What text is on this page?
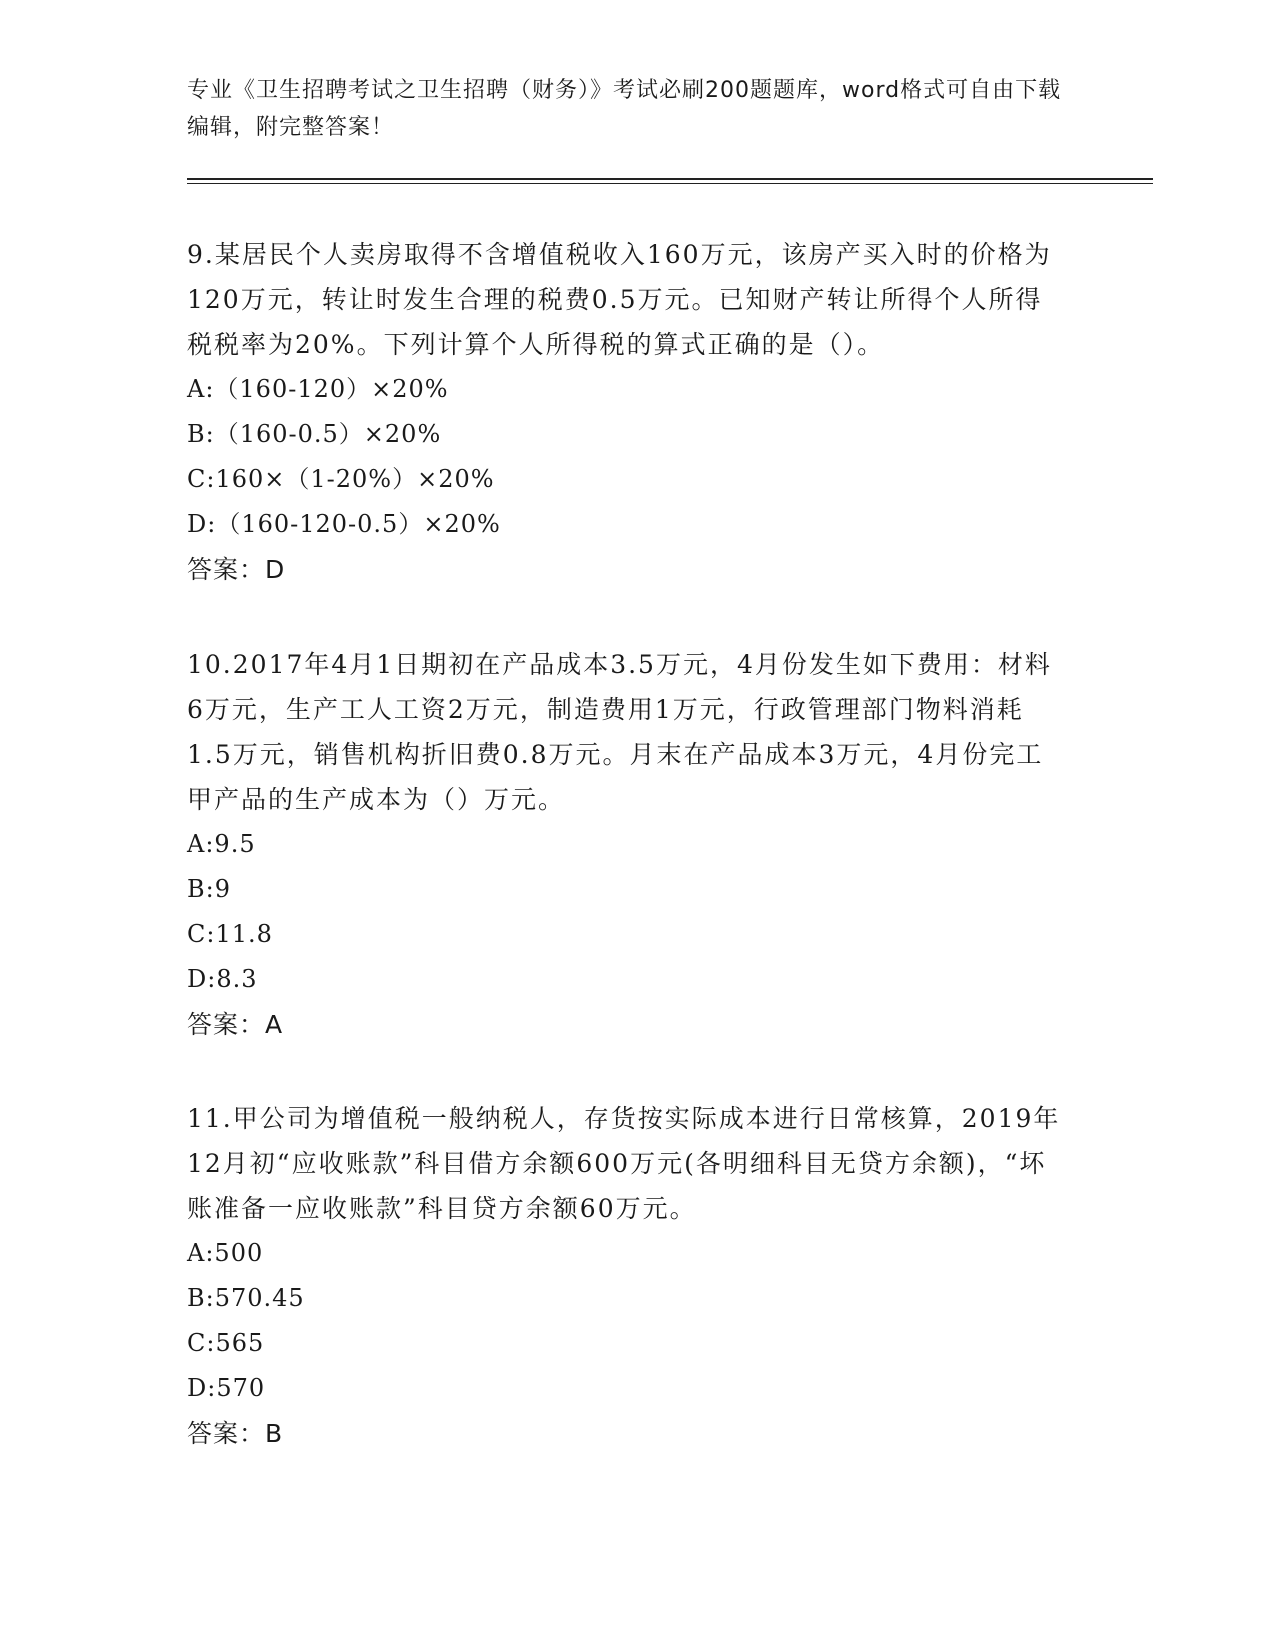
专业《卫生招聘考试之卫生招聘（财务）》考试必刷200题题库，word格式可自由下载编辑，附完整答案！

9.某居民个人卖房取得不含增值税收入160万元，该房产买入时的价格为120万元，转让时发生合理的税费0.5万元。已知财产转让所得个人所得税税率为20%。下列计算个人所得税的算式正确的是（）。

A:（160-120）×20%

B:（160-0.5）×20%

C:160×（1-20%）×20%

D:（160-120-0.5）×20%

答案：D

10.2017年4月1日期初在产品成本3.5万元，4月份发生如下费用：材料6万元，生产工人工资2万元，制造费用1万元，行政管理部门物料消耗1.5万元，销售机构折旧费0.8万元。月末在产品成本3万元，4月份完工甲产品的生产成本为（）万元。

A:9.5

B:9

C:11.8

D:8.3

答案：A

11.甲公司为增值税一般纳税人，存货按实际成本进行日常核算，2019年12月初“应收账款”科目借方余额600万元(各明细科目无贷方余额)，“坏账准备一应收账款”科目贷方余额60万元。

A:500

B:570.45

C:565

D:570

答案：B
